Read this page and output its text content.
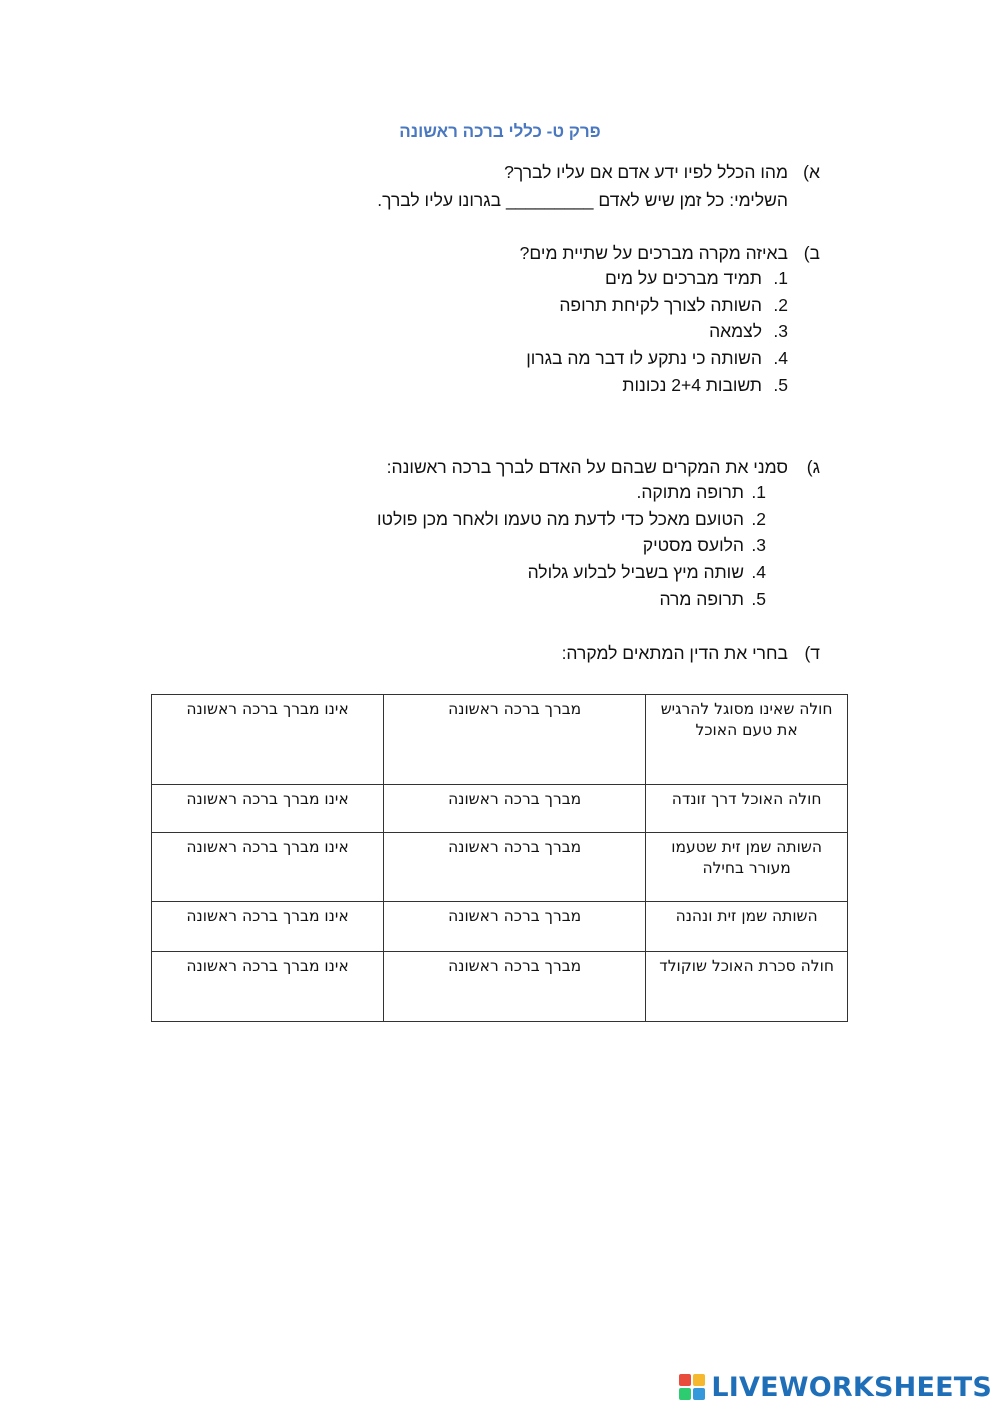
פרק ט- כללי ברכה ראשונה
א)
מהו הכלל לפיו ידע אדם אם עליו לברך?
השלימי: כל זמן שיש לאדם _________ בגרונו עליו לברך.
ב)
באיזה מקרה מברכים על שתיית מים?
1.תמיד מברכים על מים
2.השותה לצורך לקיחת תרופה
3.לצמאה
4.השותה כי נתקע לו דבר מה בגרון
5.תשובות 2+4 נכונות
ג)
סמני את המקרים שבהם על האדם לברך ברכה ראשונה:
1.תרופה מתוקה.
2.הטועם מאכל כדי לדעת מה טעמו ולאחר מכן פולטו
3.הלועס מסטיק
4.שותה מיץ בשביל לבלוע גלולה
5.תרופה מרה
ד)
בחרי את הדין המתאים למקרה:
חולה שאינו מסוגל להרגיש את טעם האוכל	מברך ברכה ראשונה	אינו מברך ברכה ראשונה
חולה האוכל דרך זונדה	מברך ברכה ראשונה	אינו מברך ברכה ראשונה
השותה שמן זית שטעמו מעורר בחילה	מברך ברכה ראשונה	אינו מברך ברכה ראשונה
השותה שמן זית ונהנה	מברך ברכה ראשונה	אינו מברך ברכה ראשונה
חולה סכרת האוכל שוקולד	מברך ברכה ראשונה	אינו מברך ברכה ראשונה
LIVEWORKSHEETS
